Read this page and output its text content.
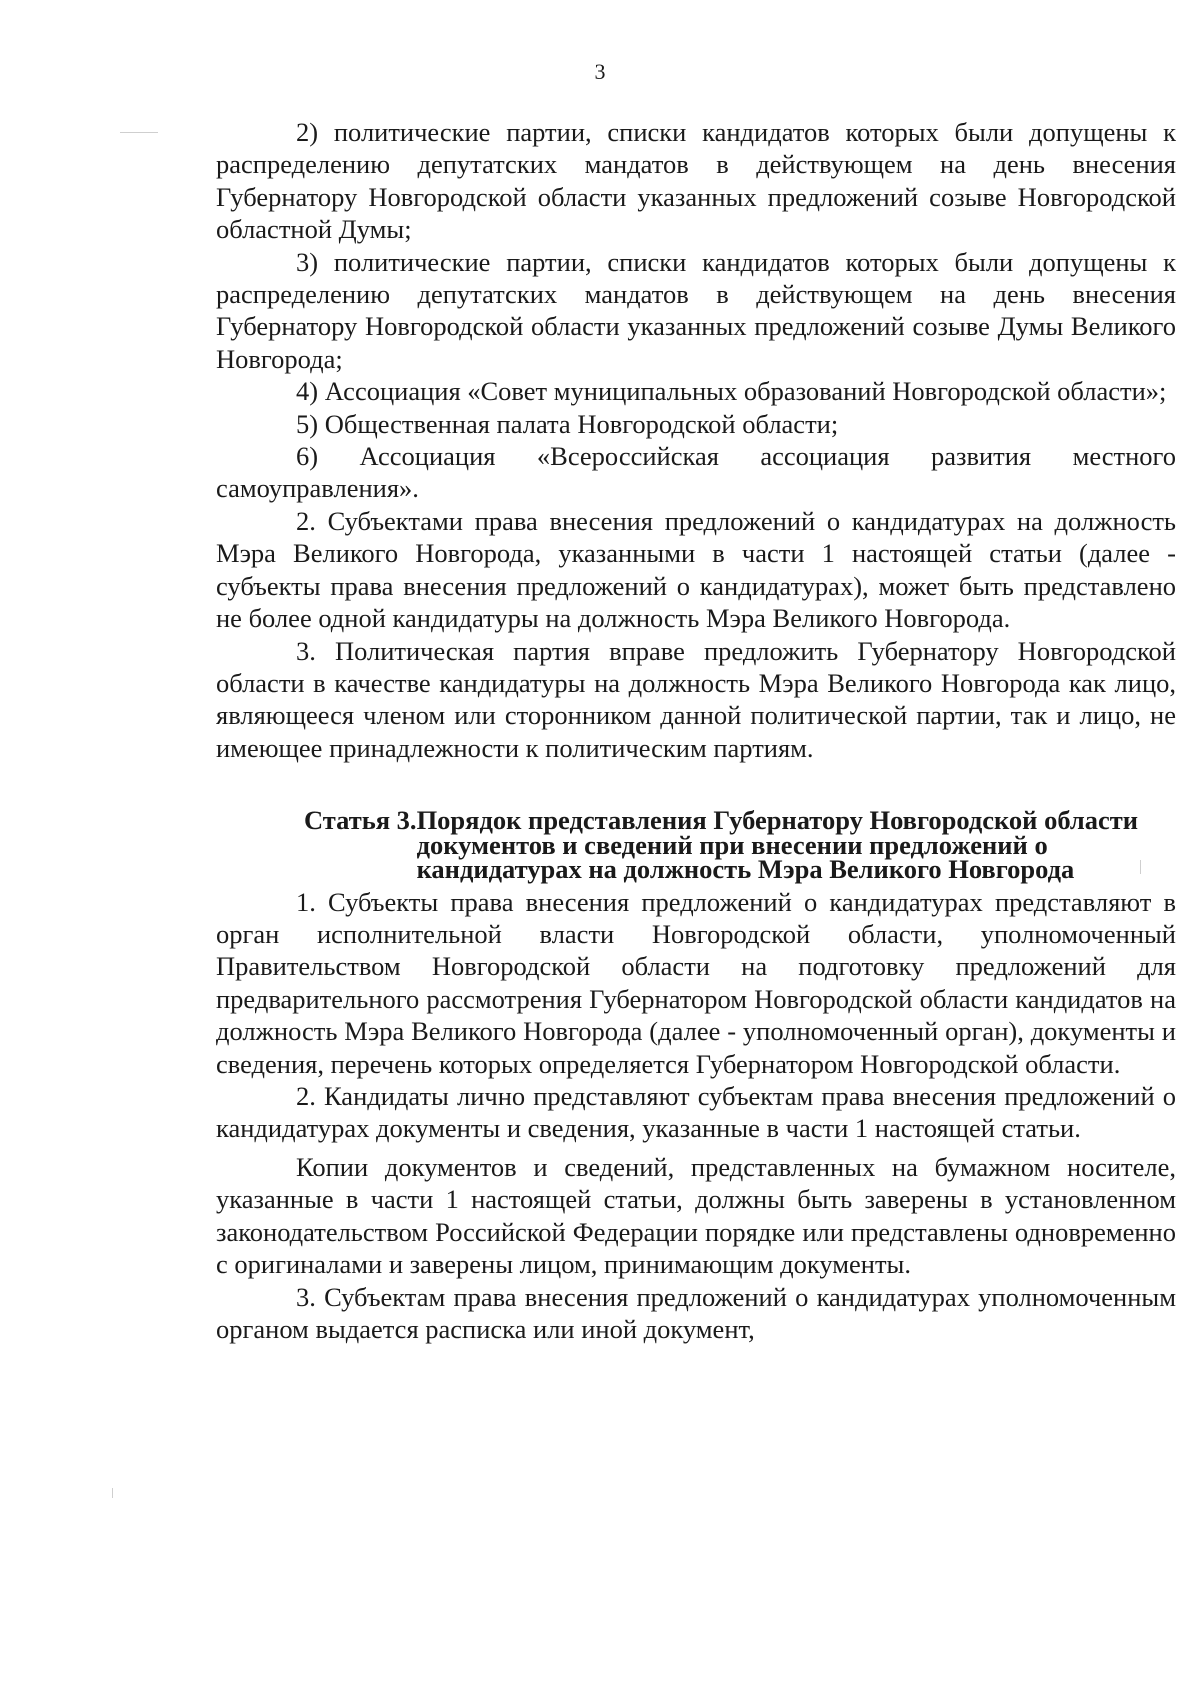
3

2) политические партии, списки кандидатов которых были допущены к распределению депутатских мандатов в действующем на день внесения Губернатору Новгородской области указанных предложений созыве Новгородской областной Думы;

3) политические партии, списки кандидатов которых были допущены к распределению депутатских мандатов в действующем на день внесения Губернатору Новгородской области указанных предложений созыве Думы Великого Новгорода;

4) Ассоциация «Совет муниципальных образований Новгородской области»;

5) Общественная палата Новгородской области;

6) Ассоциация «Всероссийская ассоциация развития местного самоуправления».

2. Субъектами права внесения предложений о кандидатурах на должность Мэра Великого Новгорода, указанными в части 1 настоящей статьи (далее - субъекты права внесения предложений о кандидатурах), может быть представлено не более одной кандидатуры на должность Мэра Великого Новгорода.

3. Политическая партия вправе предложить Губернатору Новгородской области в качестве кандидатуры на должность Мэра Великого Новгорода как лицо, являющееся членом или сторонником данной политической партии, так и лицо, не имеющее принадлежности к политическим партиям.

Статья 3. Порядок представления Губернатору Новгородской области документов и сведений при внесении предложений о кандидатурах на должность Мэра Великого Новгорода

1. Субъекты права внесения предложений о кандидатурах представляют в орган исполнительной власти Новгородской области, уполномоченный Правительством Новгородской области на подготовку предложений для предварительного рассмотрения Губернатором Новгородской области кандидатов на должность Мэра Великого Новгорода (далее - уполномоченный орган), документы и сведения, перечень которых определяется Губернатором Новгородской области.

2. Кандидаты лично представляют субъектам права внесения предложений о кандидатурах документы и сведения, указанные в части 1 настоящей статьи.

Копии документов и сведений, представленных на бумажном носителе, указанные в части 1 настоящей статьи, должны быть заверены в установленном законодательством Российской Федерации порядке или представлены одновременно с оригиналами и заверены лицом, принимающим документы.

3. Субъектам права внесения предложений о кандидатурах уполномоченным органом выдается расписка или иной документ,
